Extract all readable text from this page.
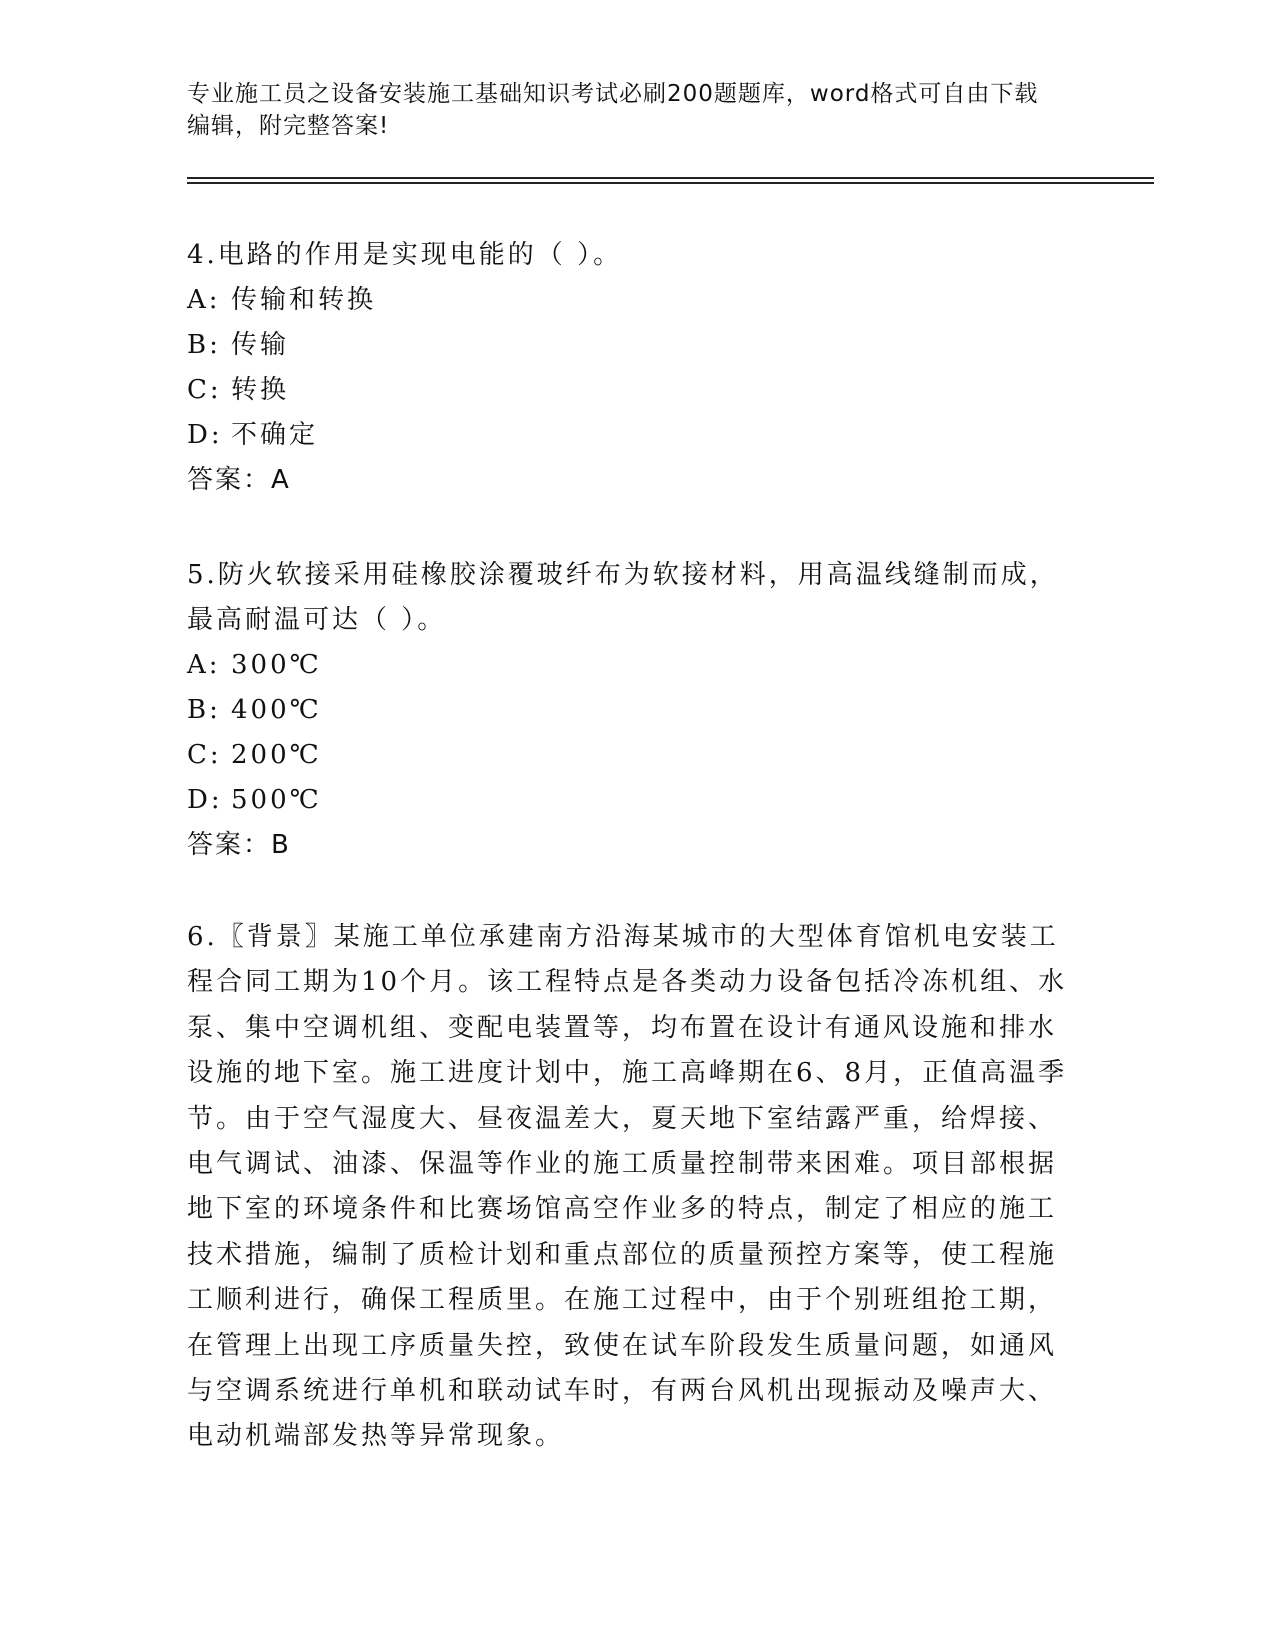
专业施工员之设备安装施工基础知识考试必刷200题题库，word格式可自由下载
编辑，附完整答案!
4.电路的作用是实现电能的（ ）。
A: 传输和转换
B: 传输
C: 转换
D: 不确定
答案：A
5.防火软接采用硅橡胶涂覆玻纤布为软接材料，用高温线缝制而成，
最高耐温可达（ ）。
A: 300℃
B: 400℃
C: 200℃
D: 500℃
答案：B
6.〖背景〗某施工单位承建南方沿海某城市的大型体育馆机电安装工
程合同工期为10个月。该工程特点是各类动力设备包括冷冻机组、水
泵、集中空调机组、变配电装置等，均布置在设计有通风设施和排水
设施的地下室。施工进度计划中，施工高峰期在6、8月，正值高温季
节。由于空气湿度大、昼夜温差大，夏天地下室结露严重，给焊接、
电气调试、油漆、保温等作业的施工质量控制带来困难。项目部根据
地下室的环境条件和比赛场馆高空作业多的特点，制定了相应的施工
技术措施，编制了质检计划和重点部位的质量预控方案等，使工程施
工顺利进行，确保工程质里。在施工过程中，由于个别班组抢工期，
在管理上出现工序质量失控，致使在试车阶段发生质量问题，如通风
与空调系统进行单机和联动试车时，有两台风机出现振动及噪声大、
电动机端部发热等异常现象。
